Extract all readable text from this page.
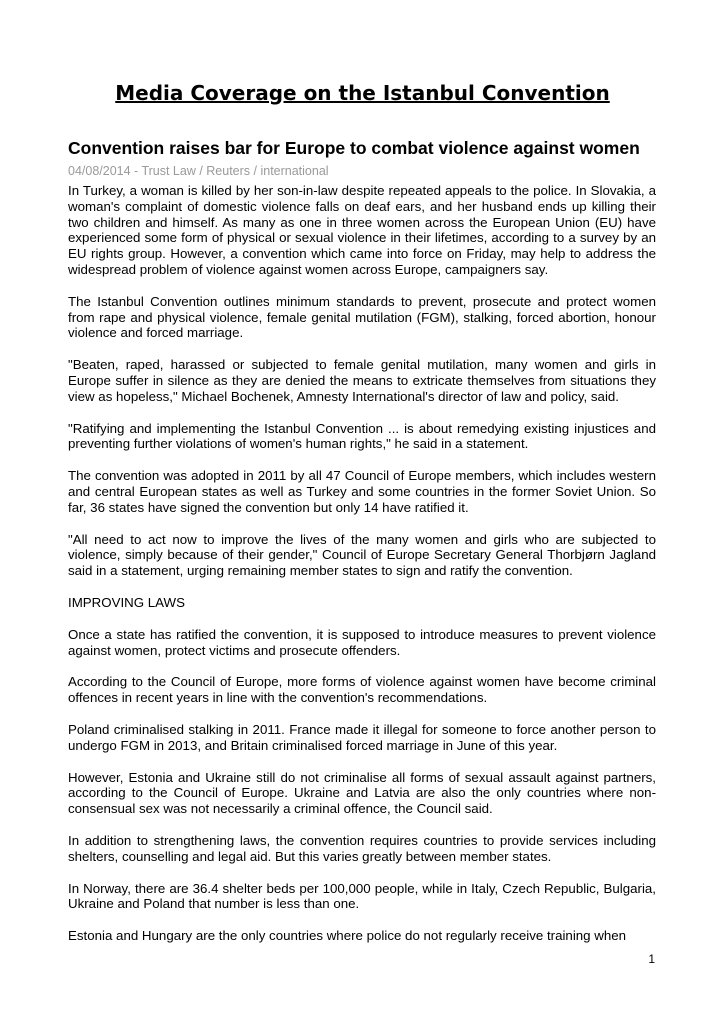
Media Coverage on the Istanbul Convention
Convention raises bar for Europe to combat violence against women
04/08/2014 - Trust Law / Reuters / international

In Turkey, a woman is killed by her son-in-law despite repeated appeals to the police. In Slovakia, a woman's complaint of domestic violence falls on deaf ears, and her husband ends up killing their two children and himself. As many as one in three women across the European Union (EU) have experienced some form of physical or sexual violence in their lifetimes, according to a survey by an EU rights group. However, a convention which came into force on Friday, may help to address the widespread problem of violence against women across Europe, campaigners say.

The Istanbul Convention outlines minimum standards to prevent, prosecute and protect women from rape and physical violence, female genital mutilation (FGM), stalking, forced abortion, honour violence and forced marriage.

"Beaten, raped, harassed or subjected to female genital mutilation, many women and girls in Europe suffer in silence as they are denied the means to extricate themselves from situations they view as hopeless," Michael Bochenek, Amnesty International's director of law and policy, said.

"Ratifying and implementing the Istanbul Convention ... is about remedying existing injustices and preventing further violations of women's human rights," he said in a statement.

The convention was adopted in 2011 by all 47 Council of Europe members, which includes western and central European states as well as Turkey and some countries in the former Soviet Union. So far, 36 states have signed the convention but only 14 have ratified it.

"All need to act now to improve the lives of the many women and girls who are subjected to violence, simply because of their gender," Council of Europe Secretary General Thorbjørn Jagland said in a statement, urging remaining member states to sign and ratify the convention.

IMPROVING LAWS

Once a state has ratified the convention, it is supposed to introduce measures to prevent violence against women, protect victims and prosecute offenders.

According to the Council of Europe, more forms of violence against women have become criminal offences in recent years in line with the convention's recommendations.

Poland criminalised stalking in 2011. France made it illegal for someone to force another person to undergo FGM in 2013, and Britain criminalised forced marriage in June of this year.

However, Estonia and Ukraine still do not criminalise all forms of sexual assault against partners, according to the Council of Europe. Ukraine and Latvia are also the only countries where non-consensual sex was not necessarily a criminal offence, the Council said.

In addition to strengthening laws, the convention requires countries to provide services including shelters, counselling and legal aid. But this varies greatly between member states.

In Norway, there are 36.4 shelter beds per 100,000 people, while in Italy, Czech Republic, Bulgaria, Ukraine and Poland that number is less than one.

Estonia and Hungary are the only countries where police do not regularly receive training when

1
